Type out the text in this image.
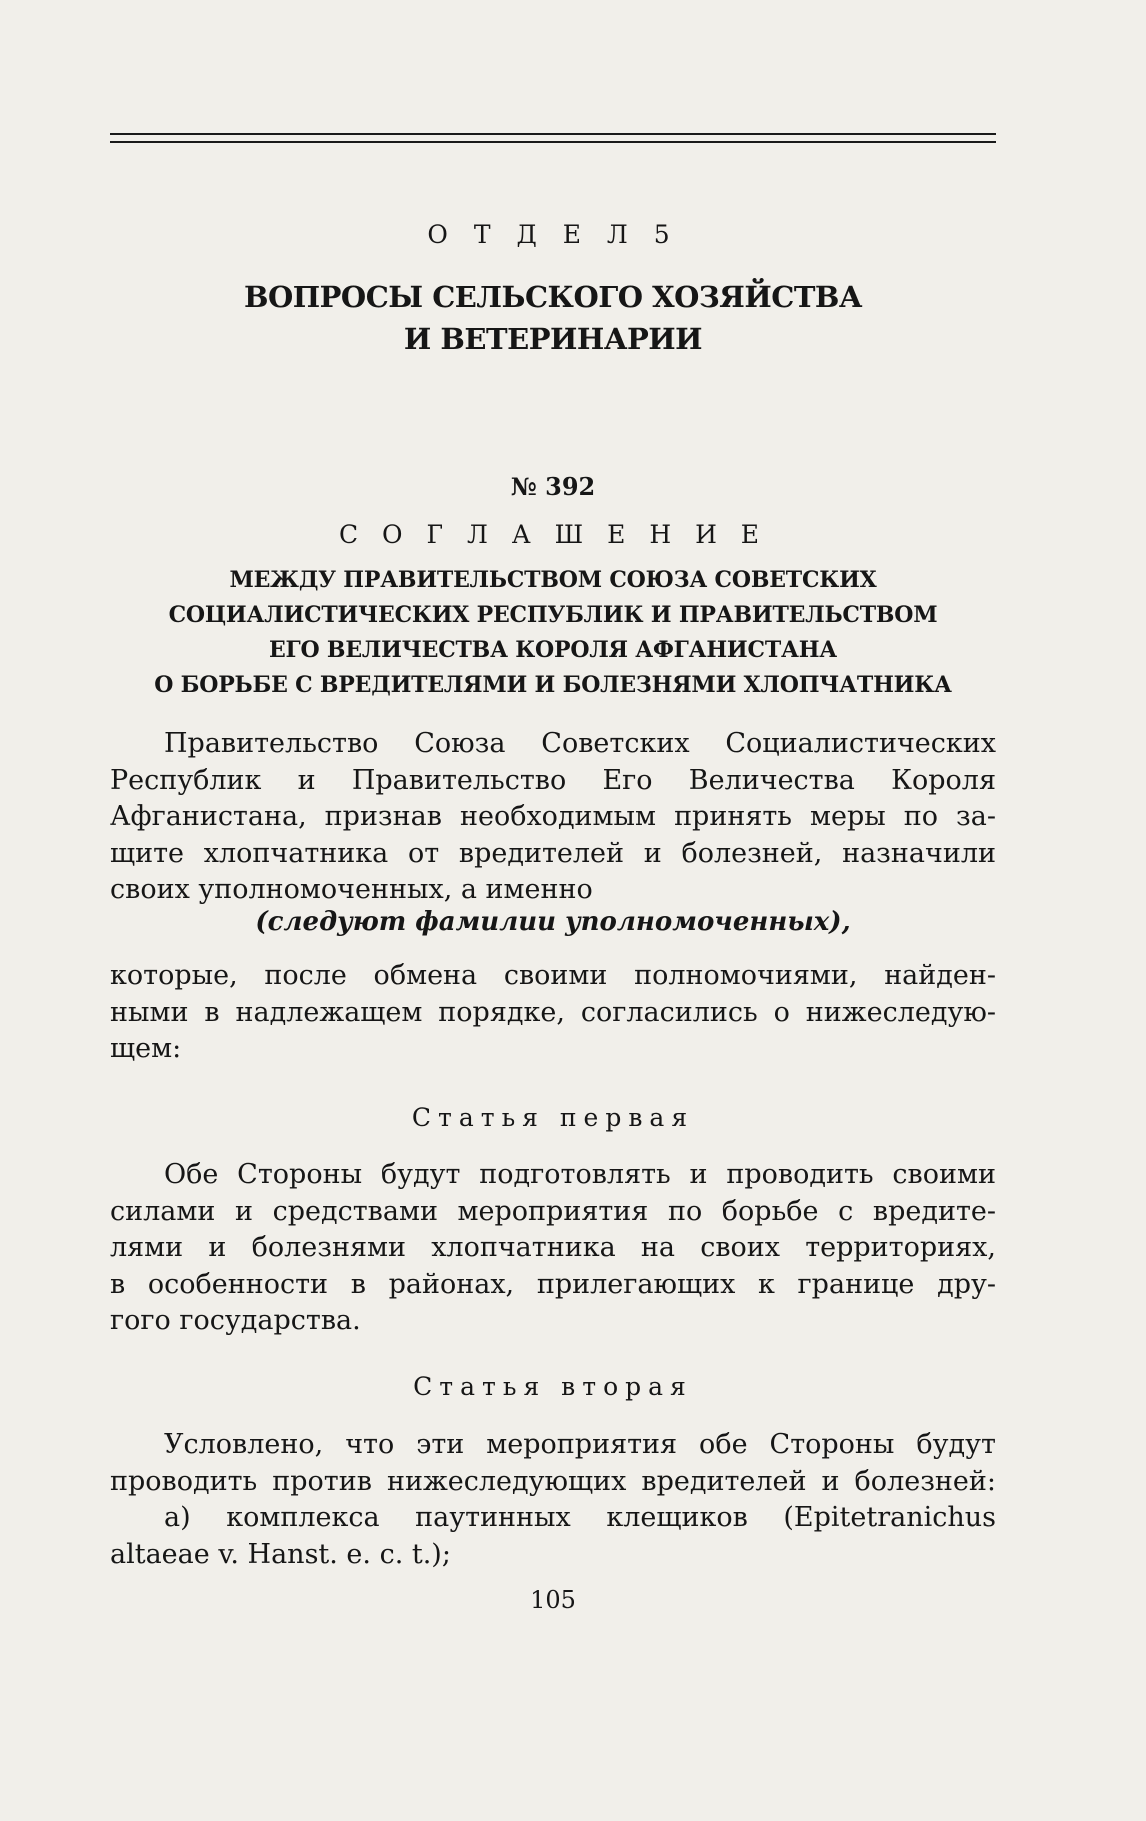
О Т Д Е Л 5
ВОПРОСЫ СЕЛЬСКОГО ХОЗЯЙСТВА
И ВЕТЕРИНАРИИ
№ 392
С О Г Л А Ш Е Н И Е
МЕЖДУ ПРАВИТЕЛЬСТВОМ СОЮЗА СОВЕТСКИХ
СОЦИАЛИСТИЧЕСКИХ РЕСПУБЛИК И ПРАВИТЕЛЬСТВОМ
ЕГО ВЕЛИЧЕСТВА КОРОЛЯ АФГАНИСТАНА
О БОРЬБЕ С ВРЕДИТЕЛЯМИ И БОЛЕЗНЯМИ ХЛОПЧАТНИКА
Правительство Союза Советских Социалистических
Республик и Правительство Его Величества Короля
Афганистана, признав необходимым принять меры по за-
щите хлопчатника от вредителей и болезней, назначили
своих уполномоченных, а именно
(следуют фамилии уполномоченных),
которые, после обмена своими полномочиями, найден-
ными в надлежащем порядке, согласились о нижеследую-
щем:
Статья первая
Обе Стороны будут подготовлять и проводить своими
силами и средствами мероприятия по борьбе с вредите-
лями и болезнями хлопчатника на своих территориях,
в особенности в районах, прилегающих к границе дру-
гого государства.
Статья вторая
Условлено, что эти мероприятия обе Стороны будут
проводить против нижеследующих вредителей и болезней:
а) комплекса паутинных клещиков (Epitetranichus
altaeae v. Hanst. e. c. t.);
105
